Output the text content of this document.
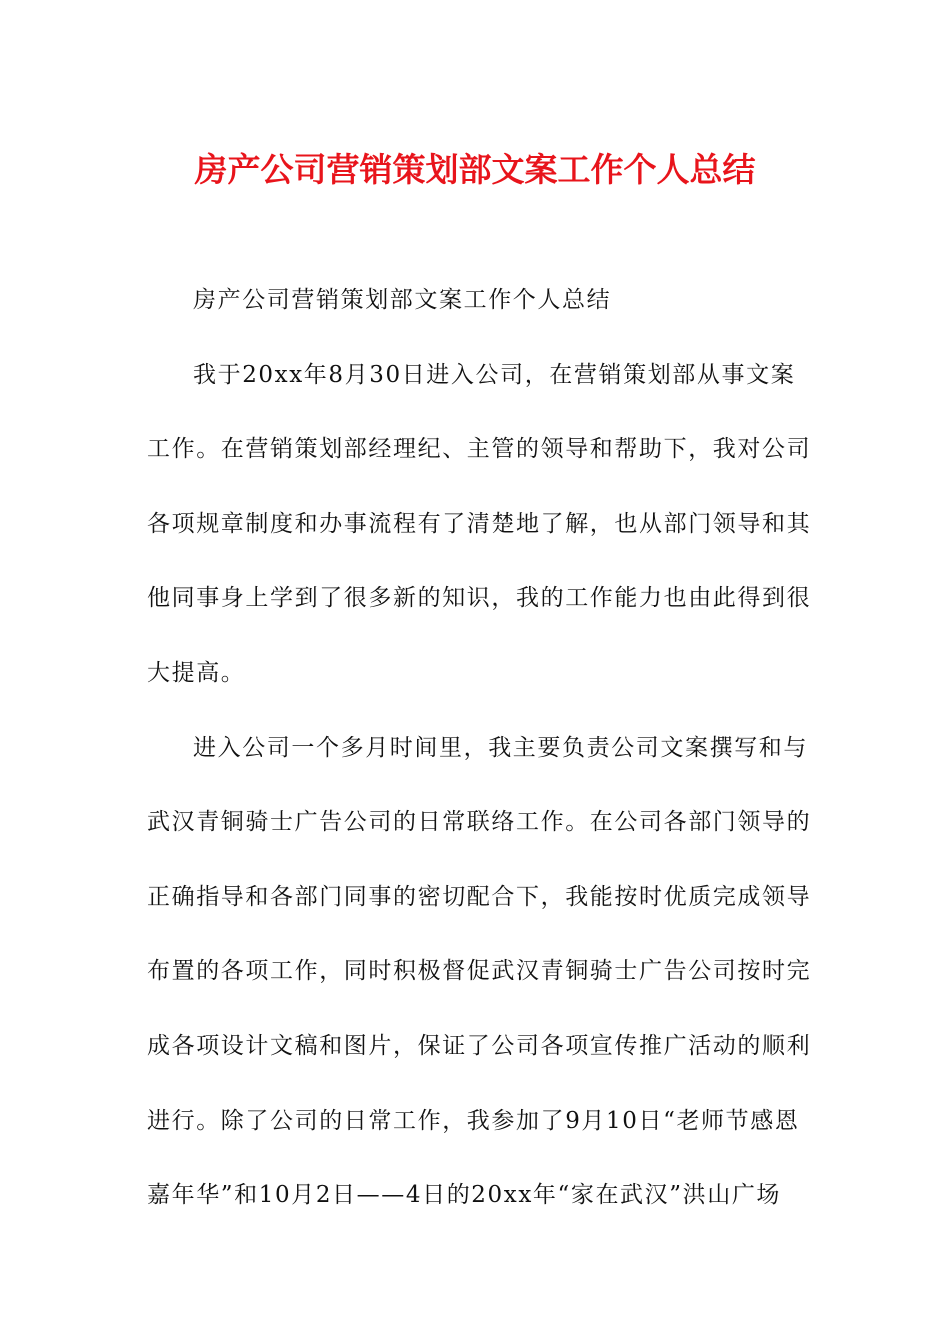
房产公司营销策划部文案工作个人总结
房产公司营销策划部文案工作个人总结
我于20xx年8月30日进入公司，在营销策划部从事文案
工作。在营销策划部经理纪、主管的领导和帮助下，我对公司
各项规章制度和办事流程有了清楚地了解，也从部门领导和其
他同事身上学到了很多新的知识，我的工作能力也由此得到很
大提高。
进入公司一个多月时间里，我主要负责公司文案撰写和与
武汉青铜骑士广告公司的日常联络工作。在公司各部门领导的
正确指导和各部门同事的密切配合下，我能按时优质完成领导
布置的各项工作，同时积极督促武汉青铜骑士广告公司按时完
成各项设计文稿和图片，保证了公司各项宣传推广活动的顺利
进行。除了公司的日常工作，我参加了9月10日“老师节感恩
嘉年华”和10月2日——4日的20xx年“家在武汉”洪山广场
